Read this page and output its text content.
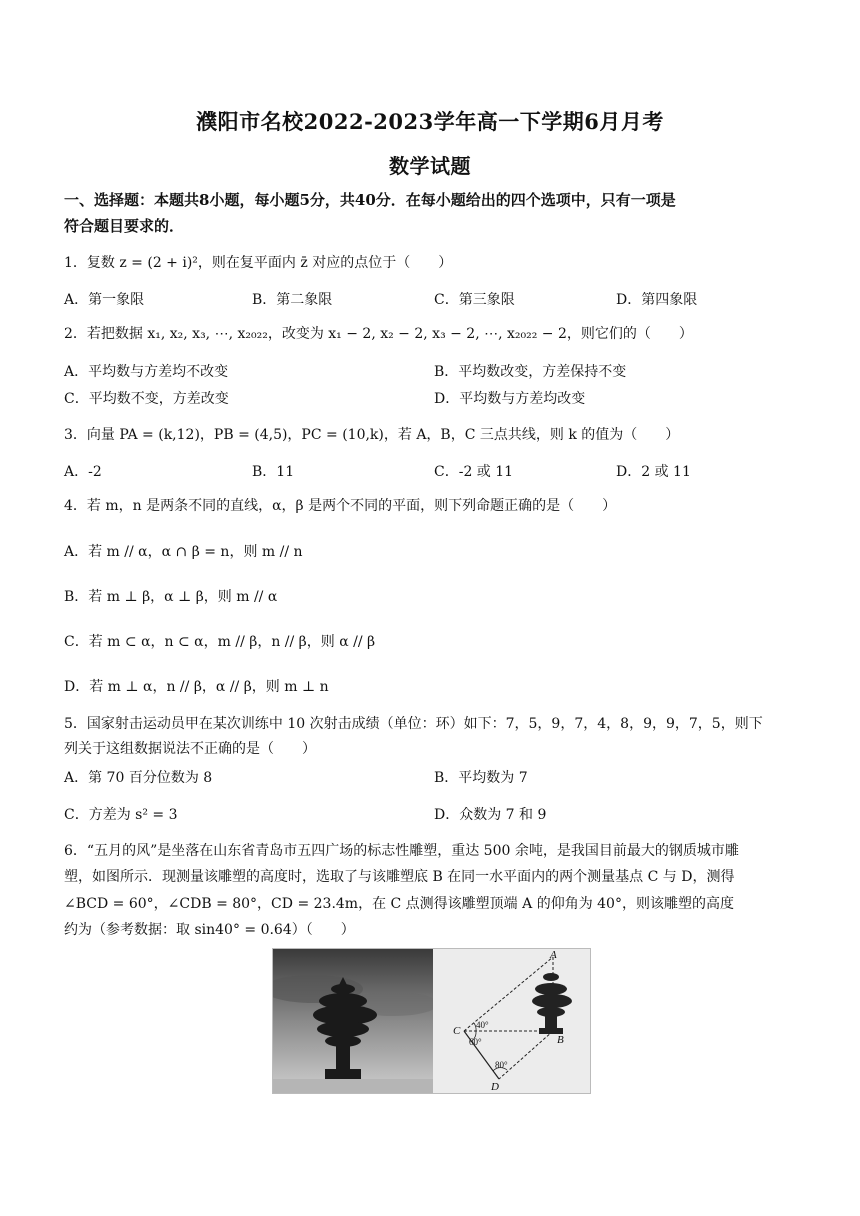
濮阳市名校2022-2023学年高一下学期6月月考
数学试题
一、选择题：本题共8小题，每小题5分，共40分．在每小题给出的四个选项中，只有一项是
符合题目要求的．
1．复数 z = (2 + i)²，则在复平面内 z̄ 对应的点位于（　　）
A．第一象限	B．第二象限	C．第三象限	D．第四象限
2．若把数据 x₁, x₂, x₃, ⋯, x₂₀₂₂，改变为 x₁ − 2, x₂ − 2, x₃ − 2, ⋯, x₂₀₂₂ − 2，则它们的（　　）
A．平均数与方差均不改变	B．平均数改变，方差保持不变
C．平均数不变，方差改变	D．平均数与方差均改变
3．向量 PA = (k,12)，PB = (4,5)，PC = (10,k)，若 A，B，C 三点共线，则 k 的值为（　　）
A．-2	B．11	C．-2 或 11	D．2 或 11
4．若 m，n 是两条不同的直线，α，β 是两个不同的平面，则下列命题正确的是（　　）
A．若 m // α，α ∩ β = n，则 m // n
B．若 m ⊥ β，α ⊥ β，则 m // α
C．若 m ⊂ α，n ⊂ α，m // β，n // β，则 α // β
D．若 m ⊥ α，n // β，α // β，则 m ⊥ n
5．国家射击运动员甲在某次训练中 10 次射击成绩（单位：环）如下：7，5，9，7，4，8，9，9，7，5，则下
列关于这组数据说法不正确的是（　　）
A．第 70 百分位数为 8	B．平均数为 7
C．方差为 s² = 3	D．众数为 7 和 9
6．“五月的风”是坐落在山东省青岛市五四广场的标志性雕塑，重达 500 余吨，是我国目前最大的钢质城市雕
塑，如图所示．现测量该雕塑的高度时，选取了与该雕塑底 B 在同一水平面内的两个测量基点 C 与 D，测得
∠BCD = 60°，∠CDB = 80°，CD = 23.4m，在 C 点测得该雕塑顶端 A 的仰角为 40°，则该雕塑的高度
约为（参考数据：取 sin40° = 0.64）（　　）
A
B
C
D
40°
60°
80°
